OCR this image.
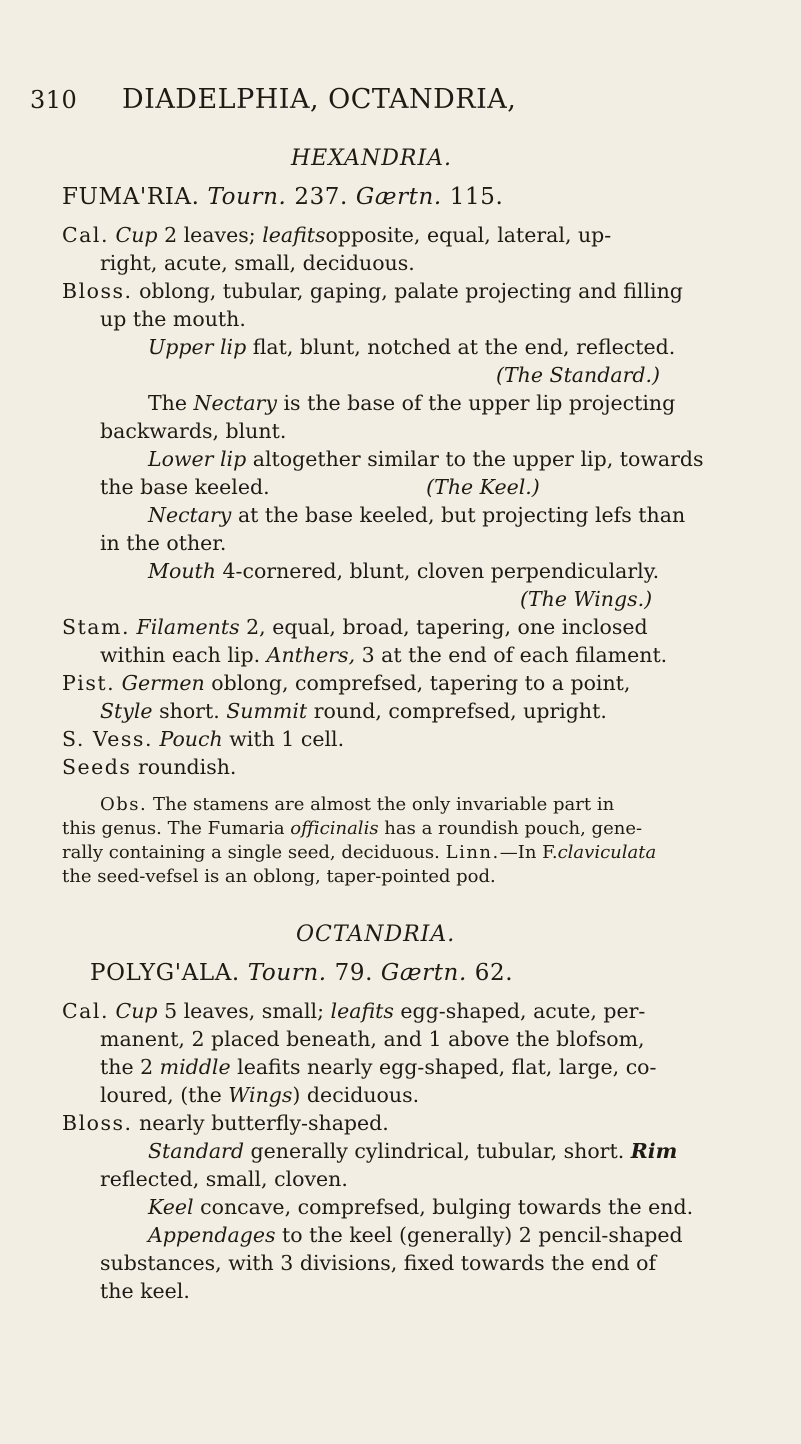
310 DIADELPHIA, OCTANDRIA,
HEXANDRIA.
FUMA'RIA. Tourn. 237. Gærtn. 115.
Cal. Cup 2 leaves; leafitsopposite, equal, lateral, up-
right, acute, small, deciduous.
Bloss. oblong, tubular, gaping, palate projecting and filling
up the mouth.
Upper lip flat, blunt, notched at the end, reflected.
(The Standard.)
The Nectary is the base of the upper lip projecting
backwards, blunt.
Lower lip altogether similar to the upper lip, towards
the base keeled.	(The Keel.)
Nectary at the base keeled, but projecting lefs than
in the other.
Mouth 4-cornered, blunt, cloven perpendicularly.
(The Wings.)
Stam. Filaments 2, equal, broad, tapering, one inclosed
within each lip. Anthers, 3 at the end of each filament.
Pist. Germen oblong, comprefsed, tapering to a point,
Style short. Summit round, comprefsed, upright.
S. Vess. Pouch with 1 cell.
Seeds roundish.
Obs. The stamens are almost the only invariable part in
this genus. The Fumaria officinalis has a roundish pouch, gene-
rally containing a single seed, deciduous. Linn.—In F.claviculata
the seed-vefsel is an oblong, taper-pointed pod.
OCTANDRIA.
POLYG'ALA. Tourn. 79. Gærtn. 62.
Cal. Cup 5 leaves, small; leafits egg-shaped, acute, per-
manent, 2 placed beneath, and 1 above the blofsom,
the 2 middle leafits nearly egg-shaped, flat, large, co-
loured, (the Wings) deciduous.
Bloss. nearly butterfly-shaped.
Standard generally cylindrical, tubular, short. Rim
reflected, small, cloven.
Keel concave, comprefsed, bulging towards the end.
Appendages to the keel (generally) 2 pencil-shaped
substances, with 3 divisions, fixed towards the end of
the keel.
